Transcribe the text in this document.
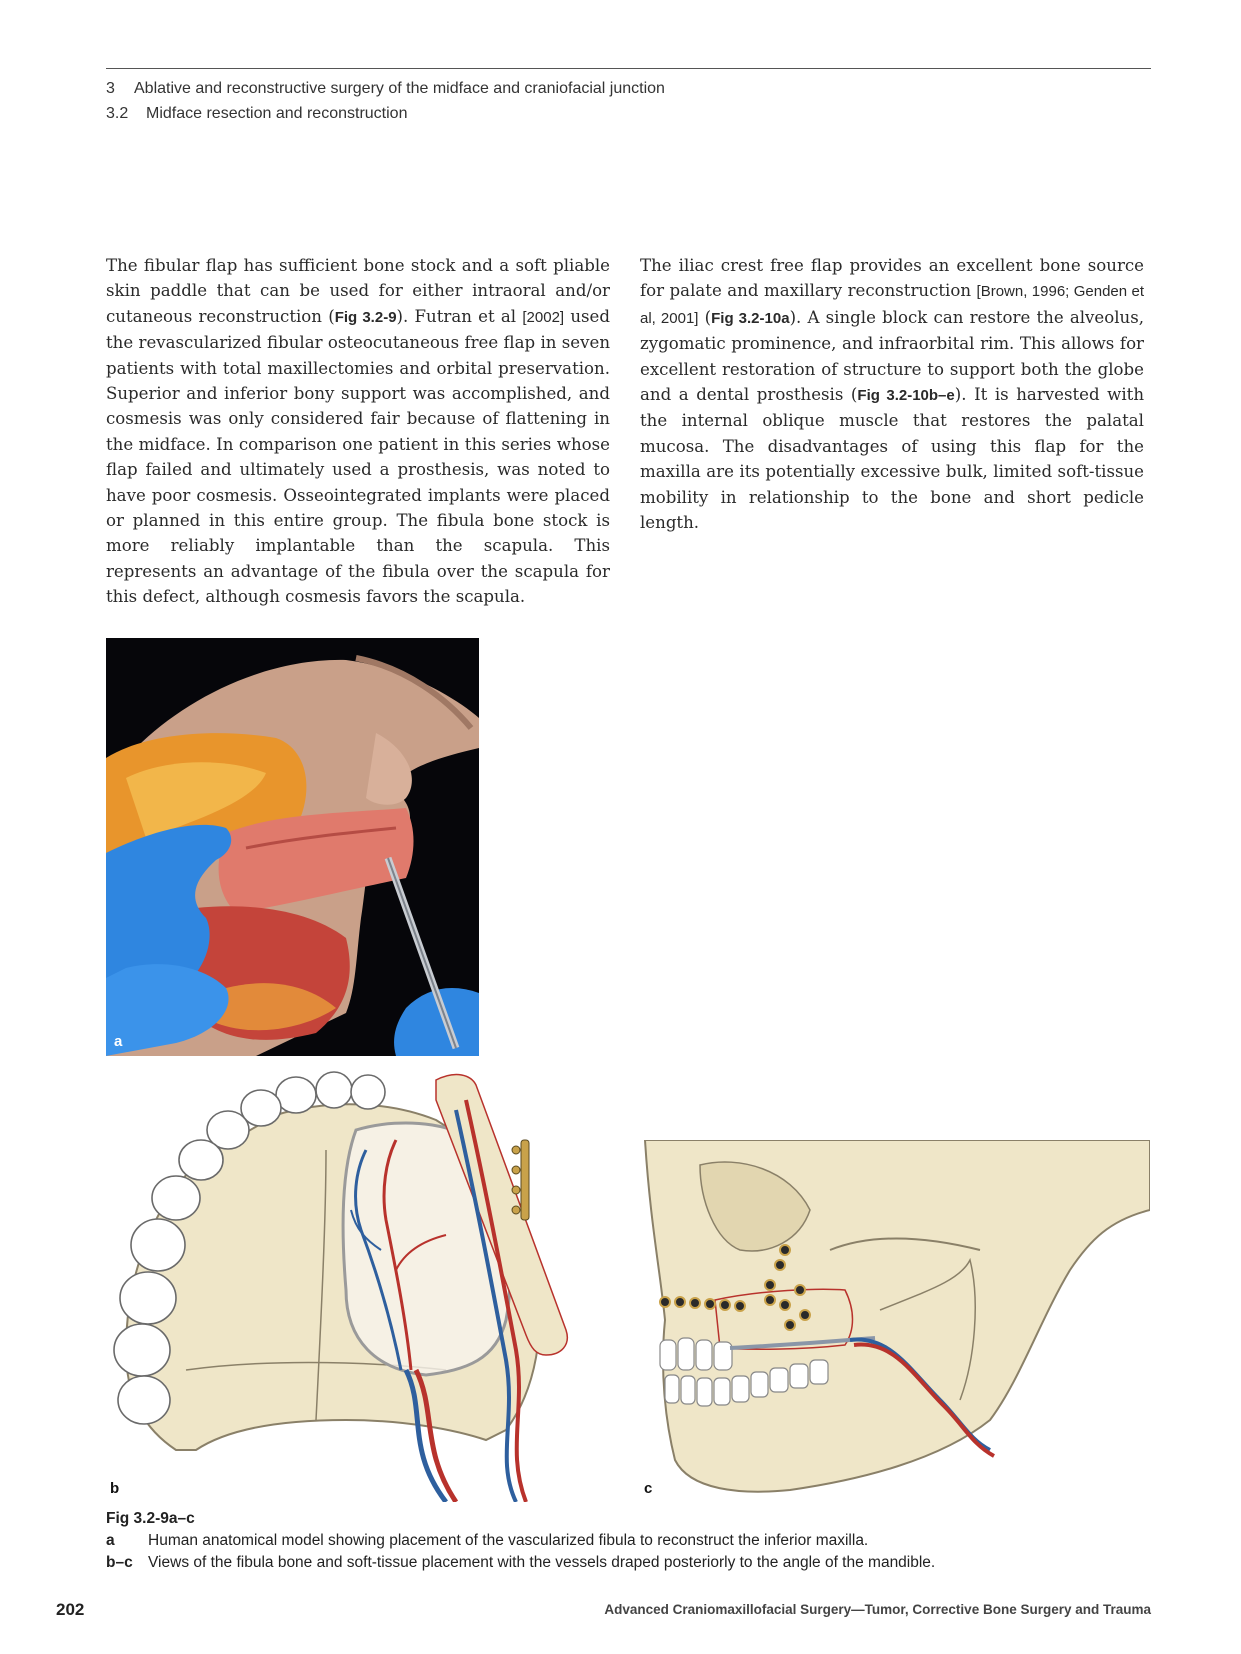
3 Ablative and reconstructive surgery of the midface and craniofacial junction
3.2 Midface resection and reconstruction
The fibular flap has sufficient bone stock and a soft pliable skin paddle that can be used for either intraoral and/or cutaneous reconstruction (Fig 3.2-9). Futran et al [2002] used the revascularized fibular osteocutaneous free flap in seven patients with total maxillectomies and orbital preservation. Superior and inferior bony support was accomplished, and cosmesis was only considered fair because of flattening in the midface. In comparison one patient in this series whose flap failed and ultimately used a prosthesis, was noted to have poor cosmesis. Osseointegrated implants were placed or planned in this entire group. The fibula bone stock is more reliably implantable than the scapula. This represents an advantage of the fibula over the scapula for this defect, although cosmesis favors the scapula.
The iliac crest free flap provides an excellent bone source for palate and maxillary reconstruction [Brown, 1996; Genden et al, 2001] (Fig 3.2-10a). A single block can restore the alveolus, zygomatic prominence, and infraorbital rim. This allows for excellent restoration of structure to support both the globe and a dental prosthesis (Fig 3.2-10b–e). It is harvested with the internal oblique muscle that restores the palatal mucosa. The disadvantages of using this flap for the maxilla are its potentially excessive bulk, limited soft-tissue mobility in relationship to the bone and short pedicle length.
a
b	c
Fig 3.2-9a–c
a	Human anatomical model showing placement of the vascularized fibula to reconstruct the inferior maxilla.
b–c Views of the fibula bone and soft-tissue placement with the vessels draped posteriorly to the angle of the mandible.
202	Advanced Craniomaxillofacial Surgery—Tumor, Corrective Bone Surgery and Trauma
